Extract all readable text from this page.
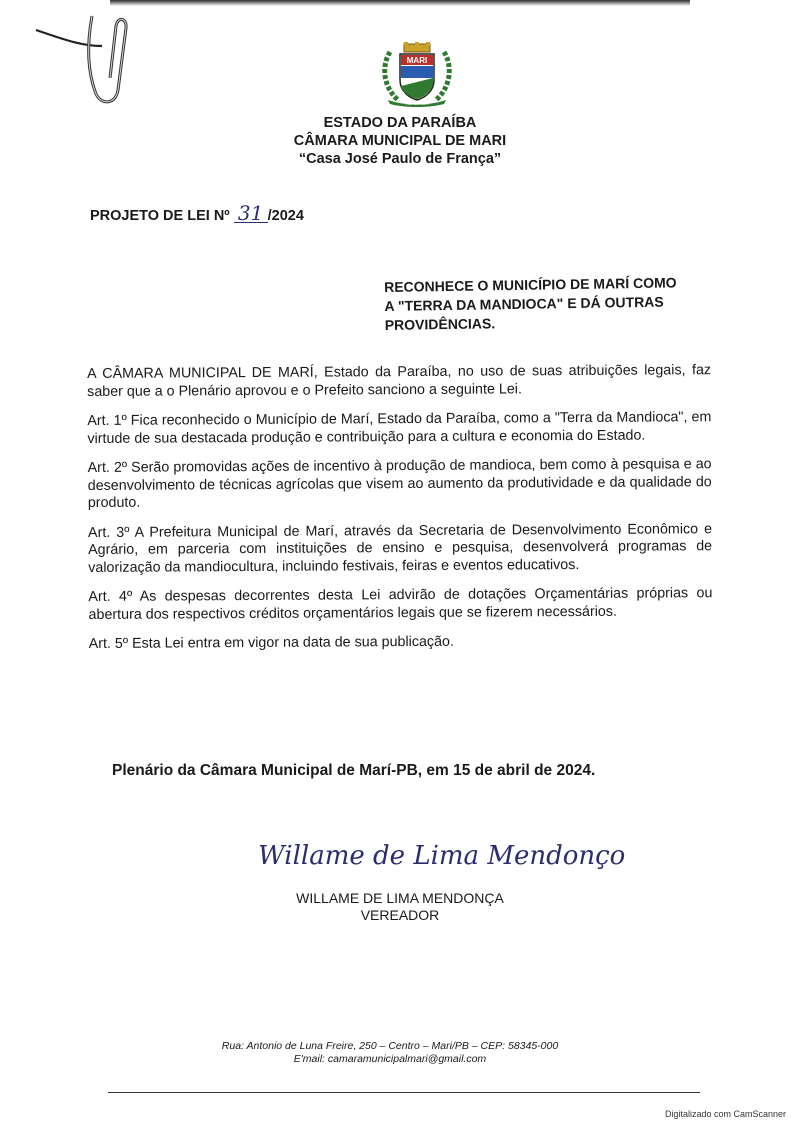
MARI
VILA DE MARI
ESTADO DA PARAÍBA
CÂMARA MUNICIPAL DE MARI
“Casa José Paulo de França”
PROJETO DE LEI Nº 31 /2024
RECONHECE O MUNICÍPIO DE MARÍ COMO
A "TERRA DA MANDIOCA" E DÁ OUTRAS
PROVIDÊNCIAS.

A CÂMARA MUNICIPAL DE MARÍ, Estado da Paraíba, no uso de suas atribuições legais, faz saber que a o Plenário aprovou e o Prefeito sanciono a seguinte Lei.

Art. 1º Fica reconhecido o Município de Marí, Estado da Paraíba, como a "Terra da Mandioca", em virtude de sua destacada produção e contribuição para a cultura e economia do Estado.

Art. 2º Serão promovidas ações de incentivo à produção de mandioca, bem como à pesquisa e ao desenvolvimento de técnicas agrícolas que visem ao aumento da produtividade e da qualidade do produto.

Art. 3º A Prefeitura Municipal de Marí, através da Secretaria de Desenvolvimento Econômico e Agrário, em parceria com instituições de ensino e pesquisa, desenvolverá programas de valorização da mandiocultura, incluindo festivais, feiras e eventos educativos.

Art. 4º As despesas decorrentes desta Lei advirão de dotações Orçamentárias próprias ou abertura dos respectivos créditos orçamentários legais que se fizerem necessários.

Art. 5º Esta Lei entra em vigor na data de sua publicação.

Plenário da Câmara Municipal de Marí-PB, em 15 de abril de 2024.
Willame de Lima Mendonço
WILLAME DE LIMA MENDONÇA
VEREADOR
Rua: Antonio de Luna Freire, 250 – Centro – Mari/PB – CEP: 58345-000
E'mail: camaramunicipalmari@gmail.com
Digitalizado com CamScanner
